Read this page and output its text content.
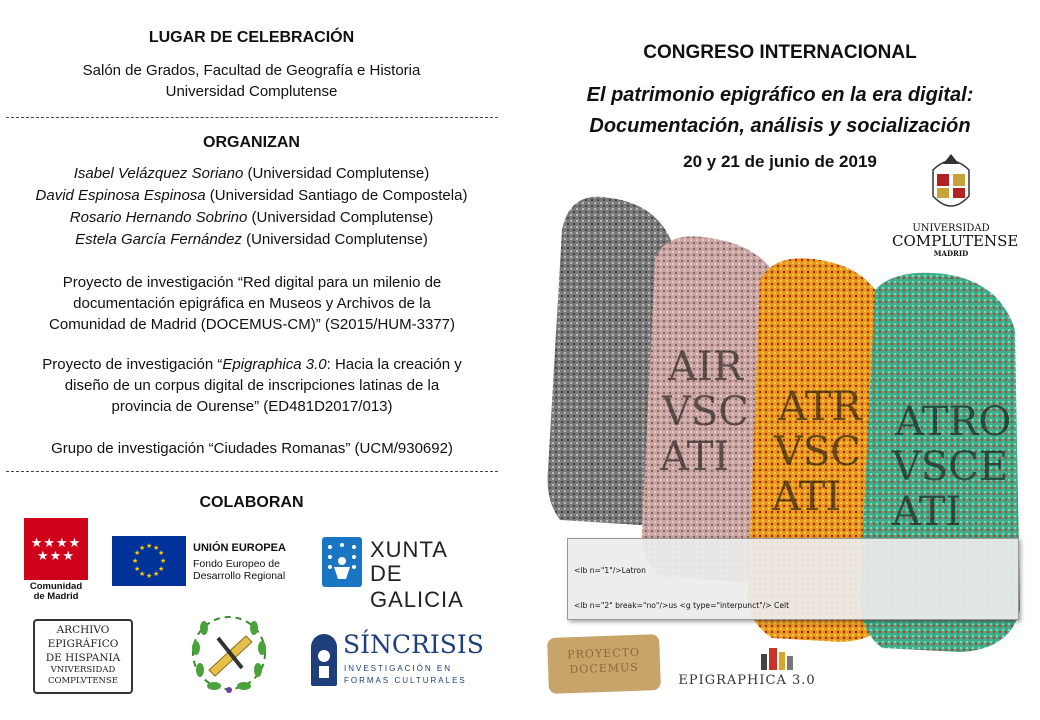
LUGAR DE CELEBRACIÓN
Salón de Grados, Facultad de Geografía e Historia
Universidad Complutense
ORGANIZAN
Isabel Velázquez Soriano (Universidad Complutense)
David Espinosa Espinosa (Universidad Santiago de Compostela)
Rosario Hernando Sobrino (Universidad Complutense)
Estela García Fernández (Universidad Complutense)
Proyecto de investigación “Red digital para un milenio de
documentación epigráfica en Museos y Archivos de la
Comunidad de Madrid (DOCEMUS-CM)” (S2015/HUM-3377)
Proyecto de investigación “Epigraphica 3.0: Hacia la creación y
diseño de un corpus digital de inscripciones latinas de la
provincia de Ourense” (ED481D2017/013)
Grupo de investigación “Ciudades Romanas” (UCM/930692)
COLABORAN
★★★★
★★★
Comunidad
de Madrid
★ ★
★
★
★
★
★
★
★
★
★
★	UNIÓN EUROPEA
Fondo Europeo de
Desarrollo Regional
XUNTA
DE GALICIA
ARCHIVO
EPIGRÁFICO
DE HISPANIA
VNIVERSIDAD
COMPLVTENSE
SÍNCRISIS
INVESTIGACIÓN EN
FORMAS CULTURALES
CONGRESO INTERNACIONAL
El patrimonio epigráfico en la era digital:
Documentación, análisis y socialización
20 y 21 de junio de 2019
UNIVERSIDAD
COMPLUTENSE
MADRID
ATRO
VSCE
ATI
ATR
VSC
ATI
AIR
VSC
ATI
PROYECTO
DOCEMUS
EPIGRAPHICA 3.0

<lb n="1"/>Latron

<lb n="2" break="no"/>us <g type="interpunct"/> Celt
